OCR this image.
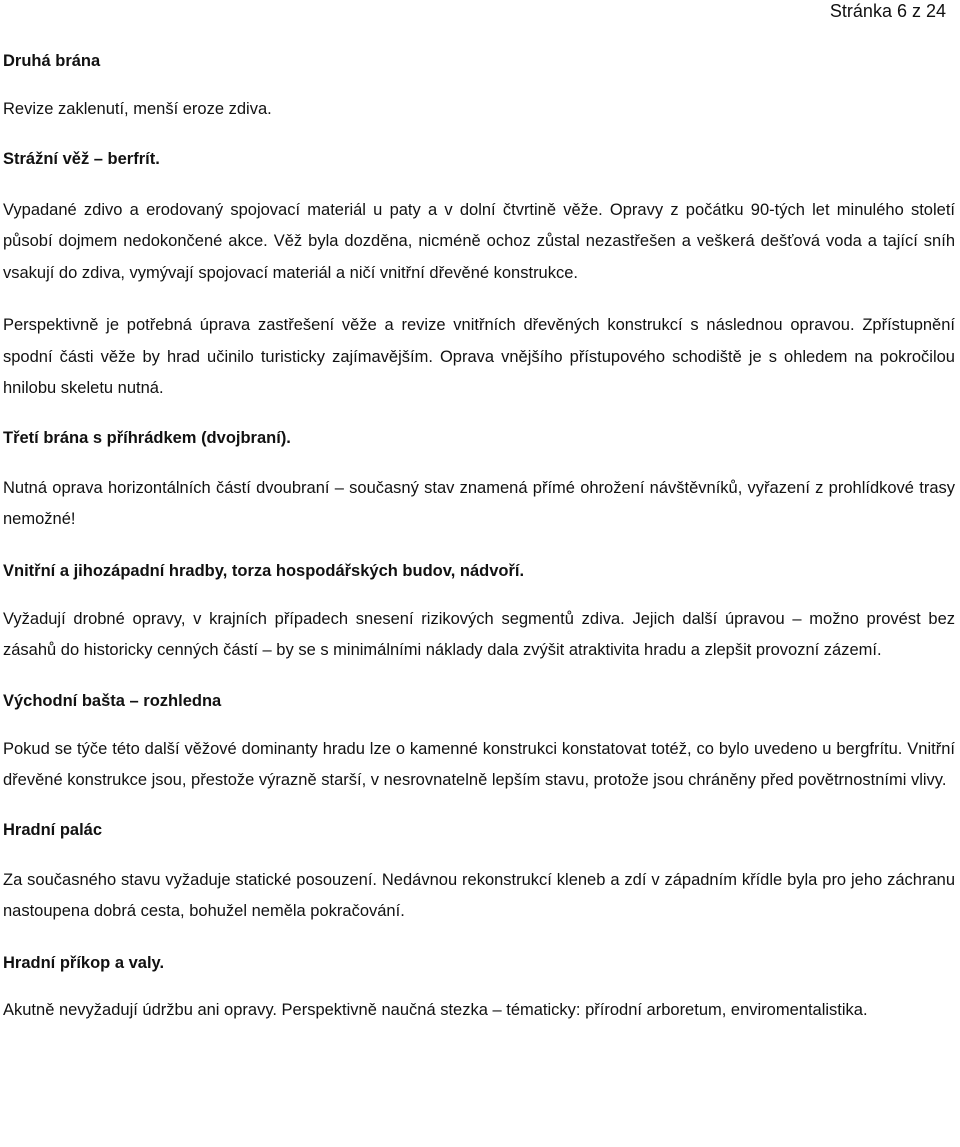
Stránka 6 z 24
Druhá brána

Revize zaklenutí, menší eroze zdiva.

Strážní věž – berfrít.

Vypadané zdivo a erodovaný spojovací materiál u paty a v dolní čtvrtině věže. Opravy z počátku 90-tých let minulého století působí dojmem nedokončené akce. Věž byla dozděna, nicméně ochoz zůstal nezastřešen a veškerá dešťová voda a tající sníh vsakují do zdiva, vymývají spojovací materiál a ničí vnitřní dřevěné konstrukce.

Perspektivně je potřebná úprava zastřešení věže a revize vnitřních dřevěných konstrukcí s následnou opravou. Zpřístupnění spodní části věže by hrad učinilo turisticky zajímavějším. Oprava vnějšího přístupového schodiště je s ohledem na pokročilou hnilobu skeletu nutná.

Třetí brána s příhrádkem (dvojbraní).

Nutná oprava horizontálních částí dvoubraní – současný stav znamená přímé ohrožení návštěvníků, vyřazení z prohlídkové trasy nemožné!

Vnitřní a jihozápadní hradby, torza hospodářských budov, nádvoří.

Vyžadují drobné opravy, v krajních případech snesení rizikových segmentů zdiva. Jejich další úpravou – možno provést bez zásahů do historicky cenných částí – by se s minimálními náklady dala zvýšit atraktivita hradu a zlepšit provozní zázemí.

Východní bašta – rozhledna

Pokud se týče této další věžové dominanty hradu lze o kamenné konstrukci konstatovat totéž, co bylo uvedeno u bergfrítu. Vnitřní dřevěné konstrukce jsou, přestože výrazně starší, v nesrovnatelně lepším stavu, protože jsou chráněny před povětrnostními vlivy.

Hradní palác

Za současného stavu vyžaduje statické posouzení. Nedávnou rekonstrukcí kleneb a zdí v západním křídle byla pro jeho záchranu nastoupena dobrá cesta, bohužel neměla pokračování.

Hradní příkop a valy.

Akutně nevyžadují údržbu ani opravy. Perspektivně naučná stezka – tématicky: přírodní arboretum, enviromentalistika.
